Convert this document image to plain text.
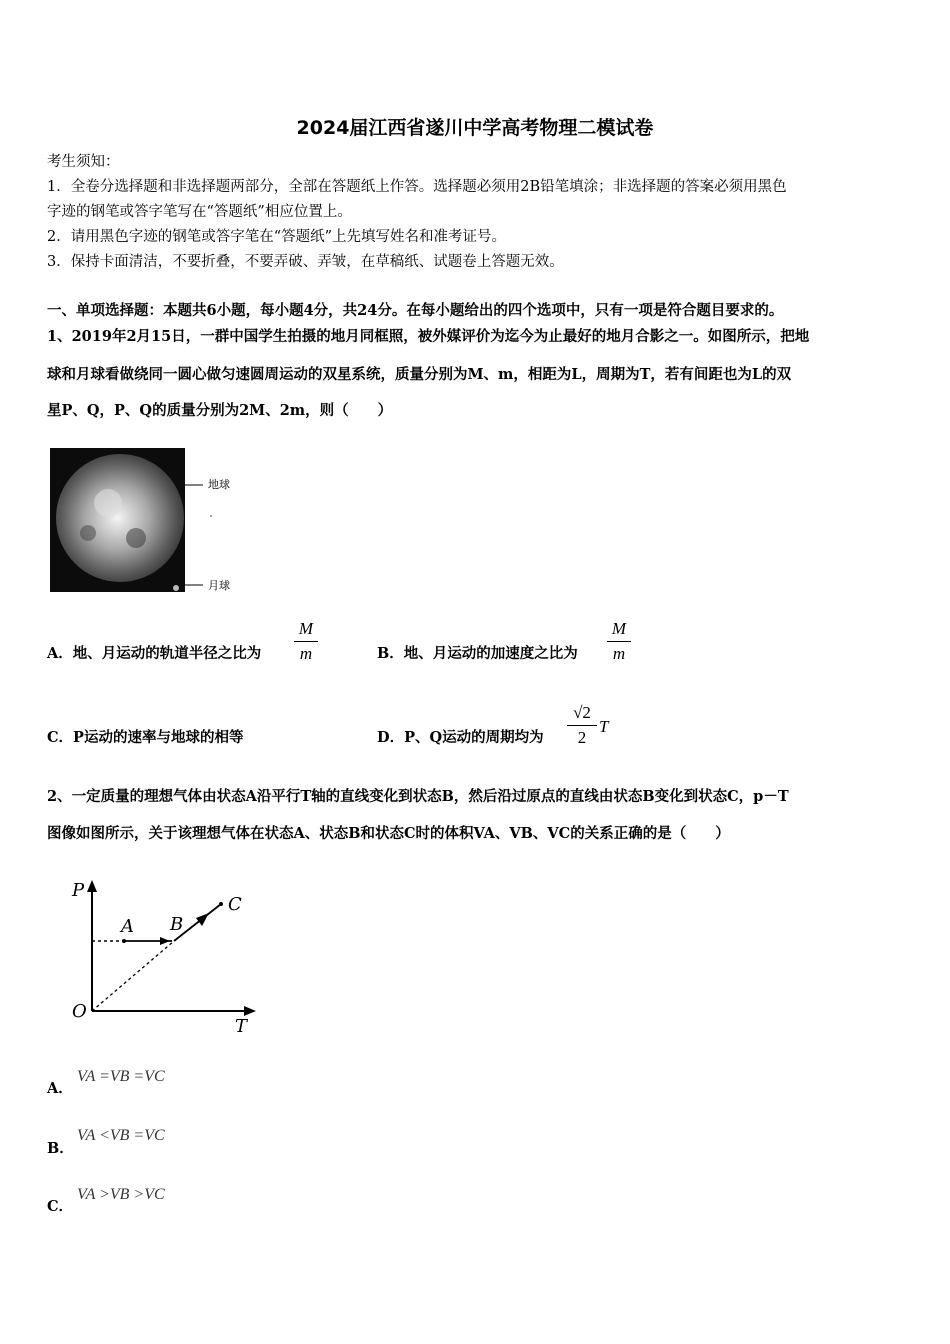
2024届江西省遂川中学高考物理二模试卷
考生须知：
1．全卷分选择题和非选择题两部分，全部在答题纸上作答。选择题必须用2B铅笔填涂；非选择题的答案必须用黑色
字迹的钢笔或答字笔写在“答题纸”相应位置上。
2．请用黑色字迹的钢笔或答字笔在“答题纸”上先填写姓名和准考证号。
3．保持卡面清洁，不要折叠，不要弄破、弄皱，在草稿纸、试题卷上答题无效。
一、单项选择题：本题共6小题，每小题4分，共24分。在每小题给出的四个选项中，只有一项是符合题目要求的。
1、2019年2月15日，一群中国学生拍摄的地月同框照，被外媒评价为迄今为止最好的地月合影之一。如图所示，把地
球和月球看做绕同一圆心做匀速圆周运动的双星系统，质量分别为M、m，相距为L，周期为T，若有间距也为L的双
星P、Q，P、Q的质量分别为2M、2m，则（　　）
地球
月球
A．地、月运动的轨道半径之比为
M
m	B．地、月运动的加速度之比为
M
m
C．P运动的速率与地球的相等	D．P、Q运动的周期均为
√2
2
T
2、一定质量的理想气体由状态A沿平行T轴的直线变化到状态B，然后沿过原点的直线由状态B变化到状态C，p－T
图像如图所示，关于该理想气体在状态A、状态B和状态C时的体积VA、VB、VC的关系正确的是（　　）
P
T
O
A B
C
A．
VA =VB =VC
B．
VA <VB =VC
C．
VA >VB >VC
